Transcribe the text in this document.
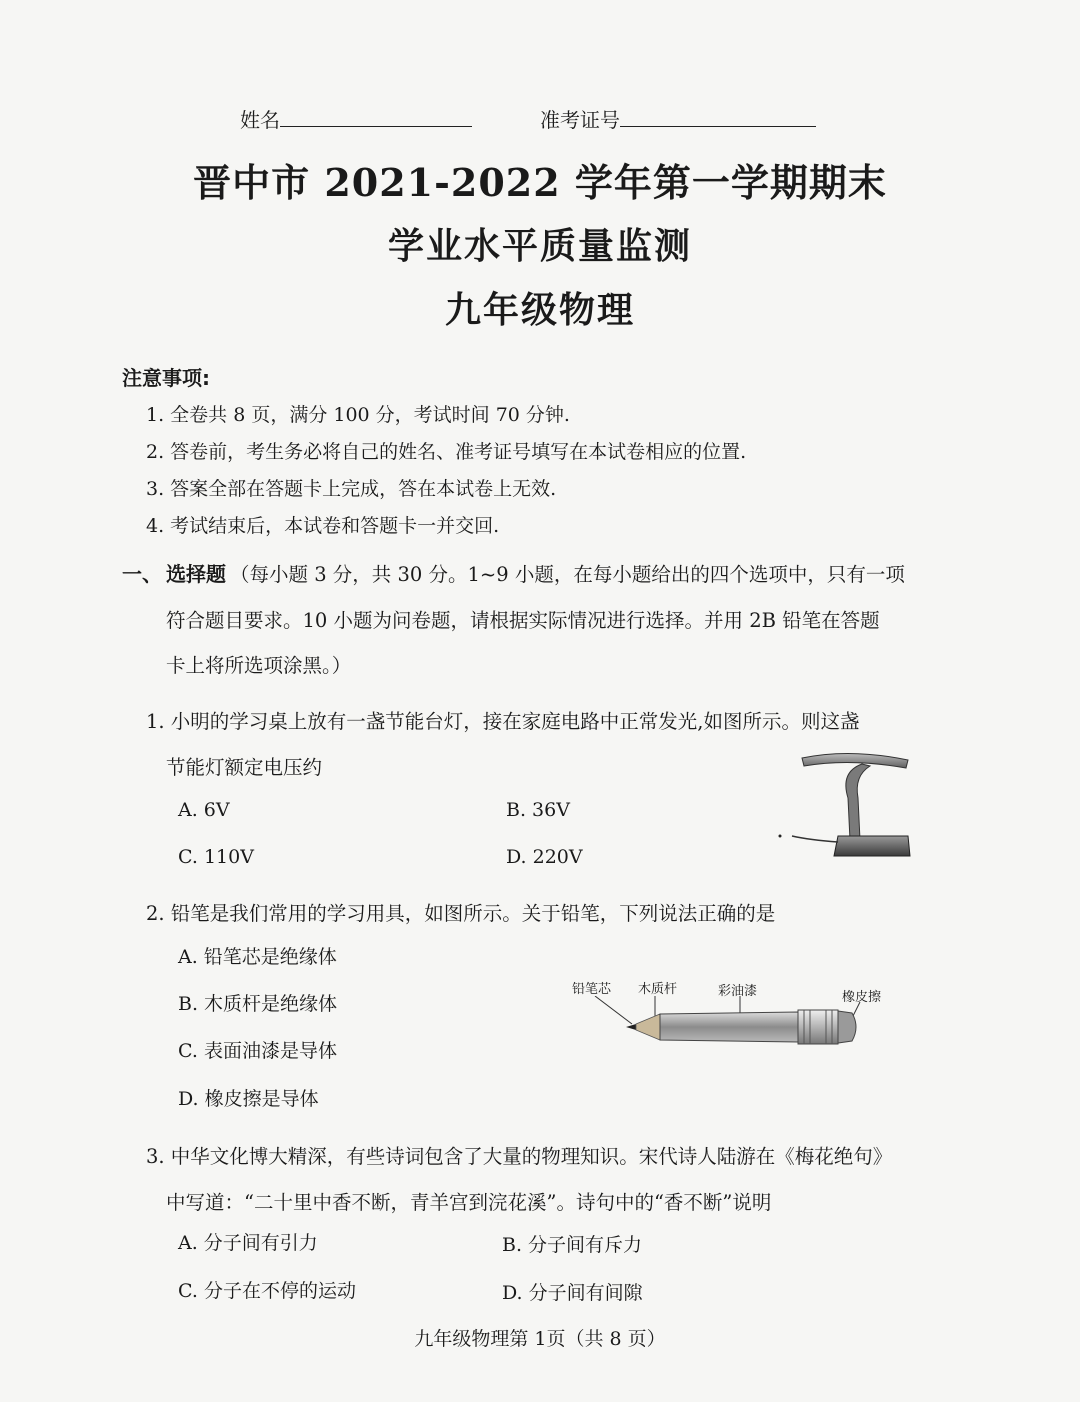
姓名	准考证号
晋中市 2021-2022 学年第一学期期末
学业水平质量监测
九年级物理
注意事项:
1. 全卷共 8 页，满分 100 分，考试时间 70 分钟.
2. 答卷前，考生务必将自己的姓名、准考证号填写在本试卷相应的位置.
3. 答案全部在答题卡上完成，答在本试卷上无效.
4. 考试结束后，本试卷和答题卡一并交回.
一、 选择题 （每小题 3 分，共 30 分。1~9 小题，在每小题给出的四个选项中，只有一项
符合题目要求。10 小题为问卷题，请根据实际情况进行选择。并用 2B 铅笔在答题
卡上将所选项涂黑。）
1. 小明的学习桌上放有一盏节能台灯，接在家庭电路中正常发光,如图所示。则这盏
节能灯额定电压约
A. 6V	B. 36V
C. 110V	D. 220V
2. 铅笔是我们常用的学习用具，如图所示。关于铅笔，下列说法正确的是
A. 铅笔芯是绝缘体
B. 木质杆是绝缘体
C. 表面油漆是导体
D. 橡皮擦是导体
铅笔芯 木质杆	彩油漆	橡皮擦
3. 中华文化博大精深，有些诗词包含了大量的物理知识。宋代诗人陆游在《梅花绝句》
中写道：“二十里中香不断，青羊宫到浣花溪”。诗句中的“香不断”说明
A. 分子间有引力	B. 分子间有斥力
C. 分子在不停的运动	D. 分子间有间隙
九年级物理第 1页（共 8 页）
